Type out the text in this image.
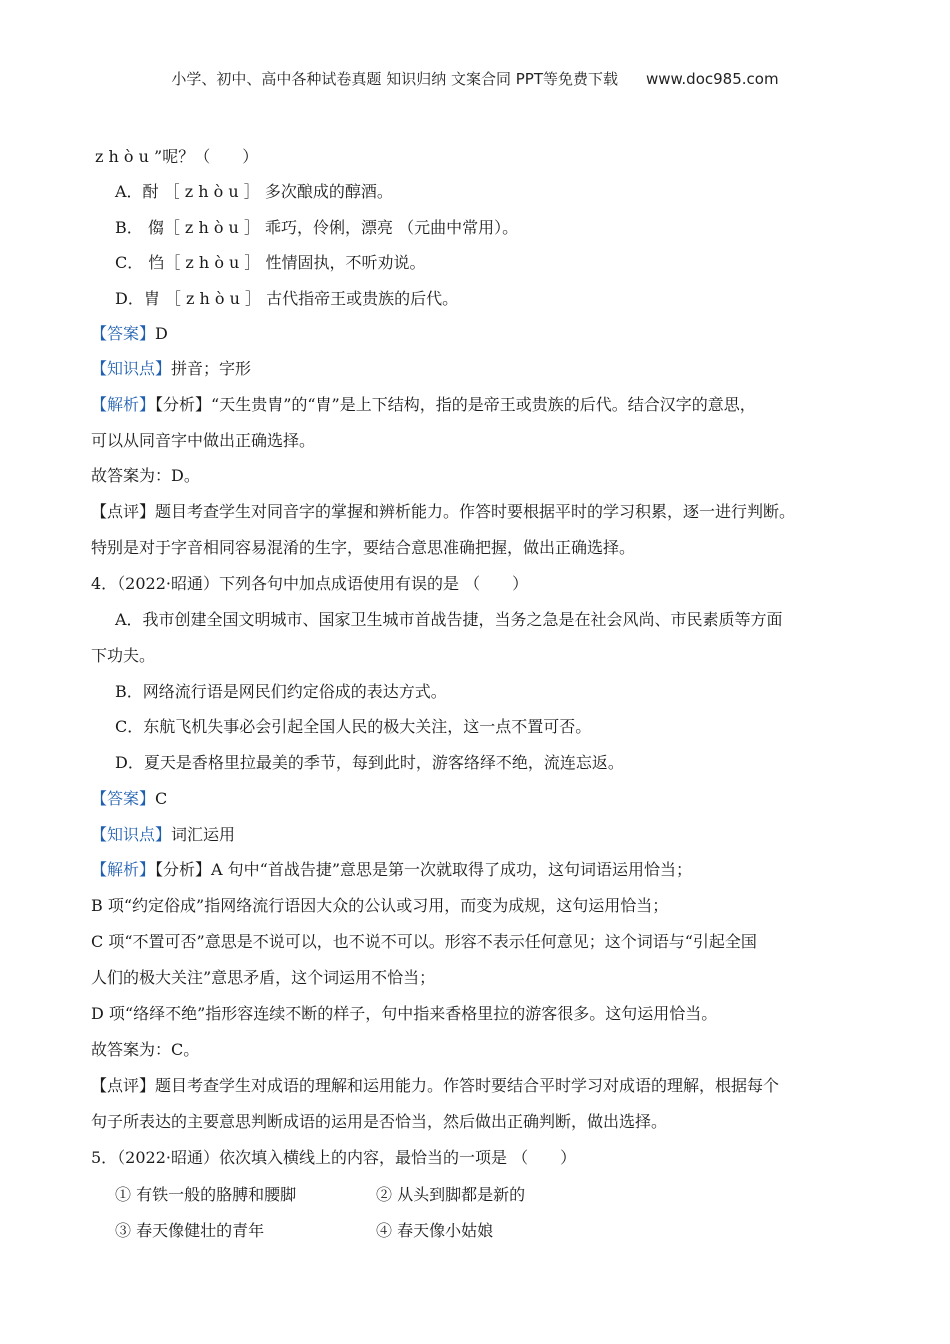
小学、初中、高中各种试卷真题 知识归纳 文案合同 PPT等免费下载 www.doc985.com
z h ò u ”呢？（　　）
A．酎 ［ z h ò u ］ 多次酿成的醇酒。
B． 㑳［ z h ò u ］ 乖巧，伶俐，漂亮 （元曲中常用）。
C． 㤘［ z h ò u ］ 性情固执，不听劝说。
D．胄 ［ z h ò u ］ 古代指帝王或贵族的后代。
【答案】D
【知识点】拼音；字形
【解析】【分析】“天生贵胄”的“胄”是上下结构，指的是帝王或贵族的后代。结合汉字的意思，
可以从同音字中做出正确选择。
故答案为：D。
【点评】题目考查学生对同音字的掌握和辨析能力。作答时要根据平时的学习积累，逐一进行判断。
特别是对于字音相同容易混淆的生字，要结合意思准确把握，做出正确选择。
4．（2022·昭通）下列各句中加点成语使用有误的是 （　　）
A．我市创建全国文明城市、国家卫生城市首战告捷，当务之急是在社会风尚、市民素质等方面
下功夫。
B．网络流行语是网民们约定俗成的表达方式。
C．东航飞机失事必会引起全国人民的极大关注，这一点不置可否。
D．夏天是香格里拉最美的季节，每到此时，游客络绎不绝，流连忘返。
【答案】C
【知识点】词汇运用
【解析】【分析】A 句中“首战告捷”意思是第一次就取得了成功，这句词语运用恰当；
B 项“约定俗成”指网络流行语因大众的公认或习用，而变为成规，这句运用恰当；
C 项“不置可否”意思是不说可以，也不说不可以。形容不表示任何意见；这个词语与“引起全国
人们的极大关注”意思矛盾，这个词运用不恰当；
D 项“络绎不绝”指形容连续不断的样子，句中指来香格里拉的游客很多。这句运用恰当。
故答案为：C。
【点评】题目考查学生对成语的理解和运用能力。作答时要结合平时学习对成语的理解，根据每个
句子所表达的主要意思判断成语的运用是否恰当，然后做出正确判断，做出选择。
5．（2022·昭通）依次填入横线上的内容，最恰当的一项是 （　　）
① 有铁一般的胳膊和腰脚	② 从头到脚都是新的
③ 春天像健壮的青年	④ 春天像小姑娘
